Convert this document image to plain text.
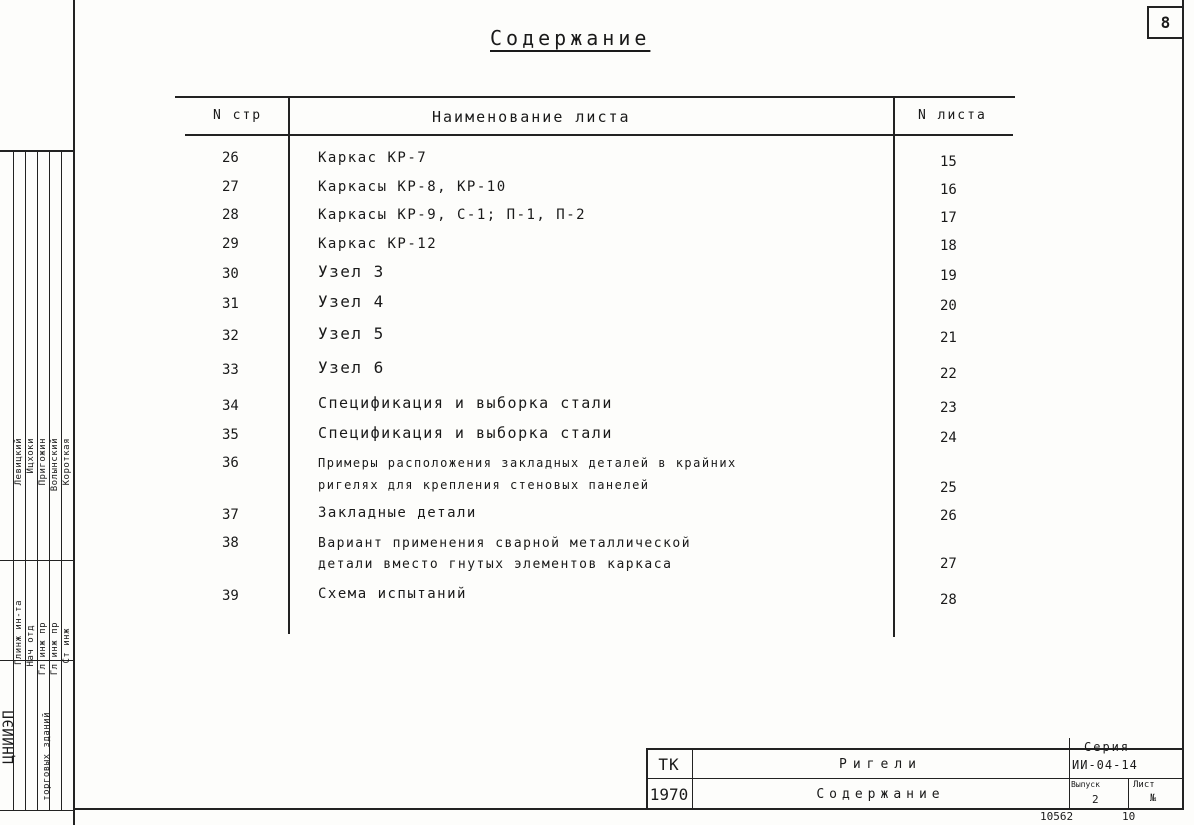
8
Содержание
N стр	Наименование листа	N листа
26	Каркас КР-7	15
27	Каркасы КР-8, КР-10	16
28	Каркасы КР-9, С-1; П-1, П-2	17
29	Каркас КР-12	18
30	Узел 3	19
31	Узел 4	20
32	Узел 5	21
33	Узел 6	22
34	Спецификация и выборка стали	23
35	Спецификация и выборка стали	24
36	Примеры расположения закладных деталей в крайних
ригелях для крепления стеновых панелей	25
37	Закладные детали	26
38	Вариант применения сварной металлической
детали вместо гнутых элементов каркаса	27
39	Схема испытаний	28
ЦНИИЭП	торговых зданий
Глинж ин-та Нач отд Гл инж пр Гл инж пр Ст инж
Левицкий Ицхоки Пригожин Волынский Короткая
ТК
1970
Ригели
Содержание
Серия
ИИ-04-14
Выпуск
2
Лист
№
10562	10
